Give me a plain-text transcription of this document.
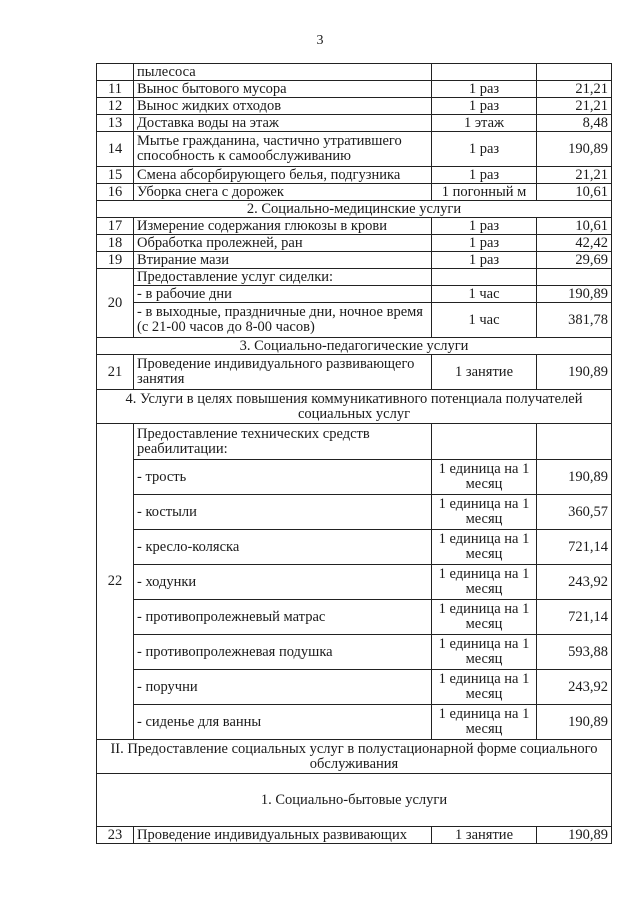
3
	пылесоса		
11	Вынос бытового мусора	1 раз	21,21
12	Вынос жидких отходов	1 раз	21,21
13	Доставка воды на этаж	1 этаж	8,48
14	Мытье гражданина, частично утратившего способность к самообслуживанию	1 раз	190,89
15	Смена абсорбирующего белья, подгузника	1 раз	21,21
16	Уборка снега с дорожек	1 погонный м	10,61
2. Социально-медицинские услуги			
17	Измерение содержания глюкозы в крови	1 раз	10,61
18	Обработка пролежней, ран	1 раз	42,42
19	Втирание мази	1 раз	29,69
20	Предоставление услуг сиделки:		
	- в рабочие дни	1 час	190,89
	- в выходные, праздничные дни, ночное время (с 21-00 часов до 8-00 часов)	1 час	381,78
3. Социально-педагогические услуги			
21	Проведение индивидуального развивающего занятия	1 занятие	190,89
4. Услуги в целях повышения коммуникативного потенциала получателей социальных услуг			
22	Предоставление технических средств реабилитации:		
	- трость	1 единица на 1 месяц	190,89
	- костыли	1 единица на 1 месяц	360,57
	- кресло-коляска	1 единица на 1 месяц	721,14
	- ходунки	1 единица на 1 месяц	243,92
	- противопролежневый матрас	1 единица на 1 месяц	721,14
	- противопролежневая подушка	1 единица на 1 месяц	593,88
	- поручни	1 единица на 1 месяц	243,92
	- сиденье для ванны	1 единица на 1 месяц	190,89
II. Предоставление социальных услуг в полустационарной форме социального обслуживания			
1. Социально-бытовые услуги			
23	Проведение индивидуальных развивающих	1 занятие	190,89
